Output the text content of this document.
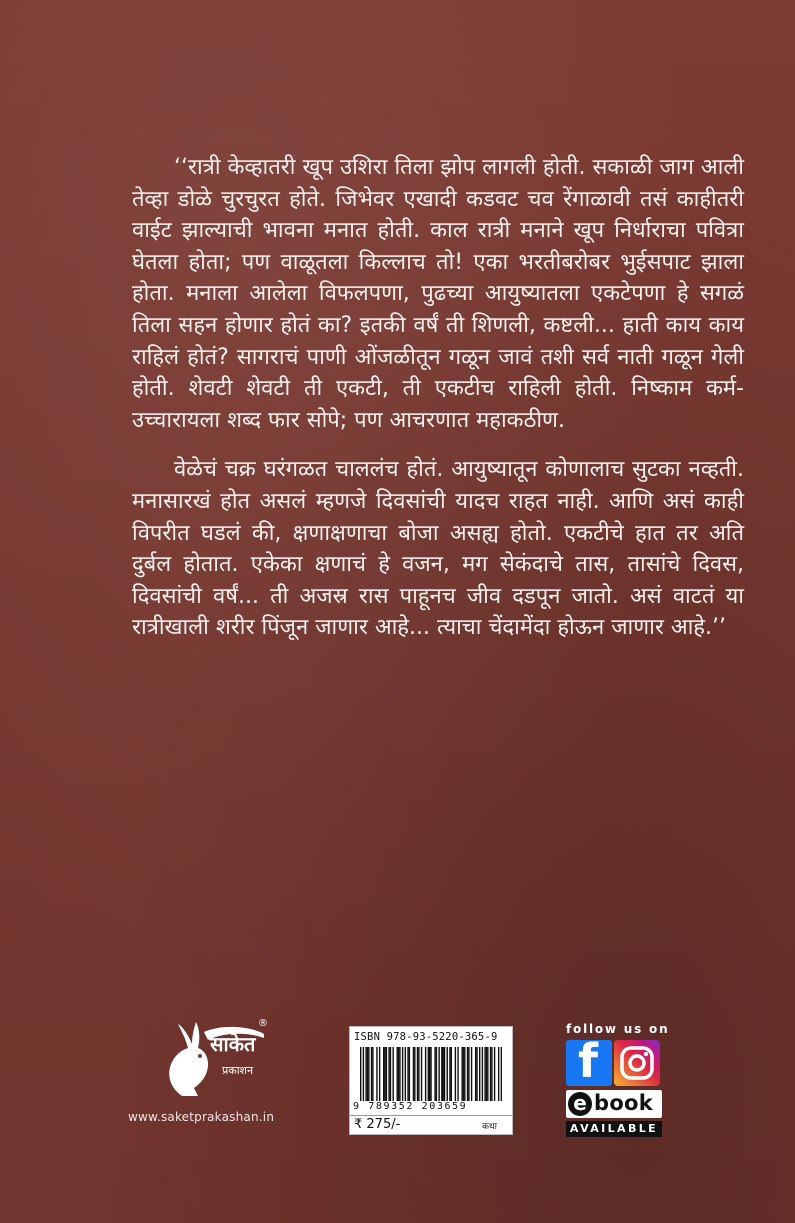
‘‘रात्री केव्हातरी खूप उशिरा तिला झोप लागली होती. सकाळी जाग आली तेव्हा डोळे चुरचुरत होते. जिभेवर एखादी कडवट चव रेंगाळावी तसं काहीतरी वाईट झाल्याची भावना मनात होती. काल रात्री मनाने खूप निर्धाराचा पवित्रा घेतला होता; पण वाळूतला किल्लाच तो! एका भरतीबरोबर भुईसपाट झाला होता. मनाला आलेला विफलपणा, पुढच्या आयुष्यातला एकटेपणा हे सगळं तिला सहन होणार होतं का? इतकी वर्षं ती शिणली, कष्टली... हाती काय काय राहिलं होतं? सागराचं पाणी ओंजळीतून गळून जावं तशी सर्व नाती गळून गेली होती. शेवटी शेवटी ती एकटी, ती एकटीच राहिली होती. निष्काम कर्म- उच्चारायला शब्द फार सोपे; पण आचरणात महाकठीण.

वेळेचं चक्र घरंगळत चाललंच होतं. आयुष्यातून कोणालाच सुटका नव्हती. मनासारखं होत असलं म्हणजे दिवसांची यादच राहत नाही. आणि असं काही विपरीत घडलं की, क्षणाक्षणाचा बोजा असह्य होतो. एकटीचे हात तर अति दुर्बल होतात. एकेका क्षणाचं हे वजन, मग सेकंदाचे तास, तासांचे दिवस, दिवसांची वर्षं... ती अजस्र रास पाहूनच जीव दडपून जातो. असं वाटतं या रात्रीखाली शरीर पिंजून जाणार आहे... त्याचा चेंदामेंदा होऊन जाणार आहे.’’

साकेत
प्रकाशन
®
www.saketprakashan.in
ISBN 978-93-5220-365-9
9 789352 203659
₹ 275/-	कथा
follow us on
f
e book
AVAILABLE
